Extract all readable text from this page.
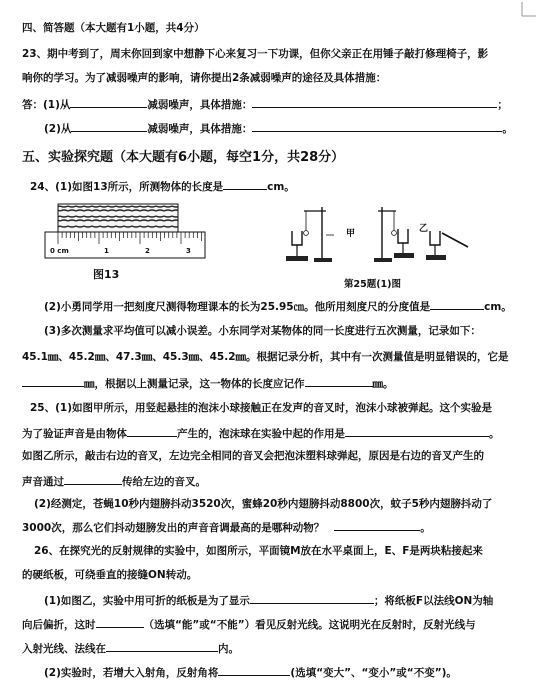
四、简答题（本大题有1小题，共4分）
23、期中考到了，周末你回到家中想静下心来复习一下功课，但你父亲正在用锤子敲打修理椅子，影
响你的学习。为了减弱噪声的影响，请你提出2条减弱噪声的途径及具体措施：
答：(1)从	减弱噪声，具体措施：	；
(2)从	减弱噪声，具体措施：	。
五、实验探究题（本大题有6小题，每空1分，共28分）
24、(1)如图13所示，所测物体的长度是	cm。
0 cm	1	2	3
图13
甲	乙
第25题(1)图
(2)小勇同学用一把刻度尺测得物理课本的长为25.95㎝。他所用刻度尺的分度值是	cm。
(3)多次测量求平均值可以减小误差。小东同学对某物体的同一长度进行五次测量，记录如下：
45.1㎜、45.2㎜、47.3㎜、45.3㎜、45.2㎜。根据记录分析，其中有一次测量值是明显错误的，它是
㎜，根据以上测量记录，这一物体的长度应记作	㎜。
25、(1)如图甲所示，用竖起悬挂的泡沫小球接触正在发声的音叉时，泡沫小球被弹起。这个实验是
为了验证声音是由物体	产生的，泡沫球在实验中起的作用是	。
如图乙所示，敲击右边的音叉，左边完全相同的音叉会把泡沫塑料球弹起，原因是右边的音叉产生的
声音通过	传给左边的音叉。
(2)经测定，苍蝇10秒内翅膀抖动3520次，蜜蜂20秒内翅膀抖动8800次，蚊子5秒内翅膀抖动了
3000次，那么它们抖动翅膀发出的声音音调最高的是哪种动物？	。
26、在探究光的反射规律的实验中，如图所示，平面镜M放在水平桌面上，E、F是两块粘接起来
的硬纸板，可绕垂直的接缝ON转动。
(1)如图乙，实验中用可折的纸板是为了显示	；将纸板F以法线ON为轴
向后偏折，这时	（选填“能”或“不能”）看见反射光线。这说明光在反射时，反射光线与
入射光线、法线在	内。
(2)实验时，若增大入射角，反射角将	(选填“变大”、“变小”或“不变”)。
